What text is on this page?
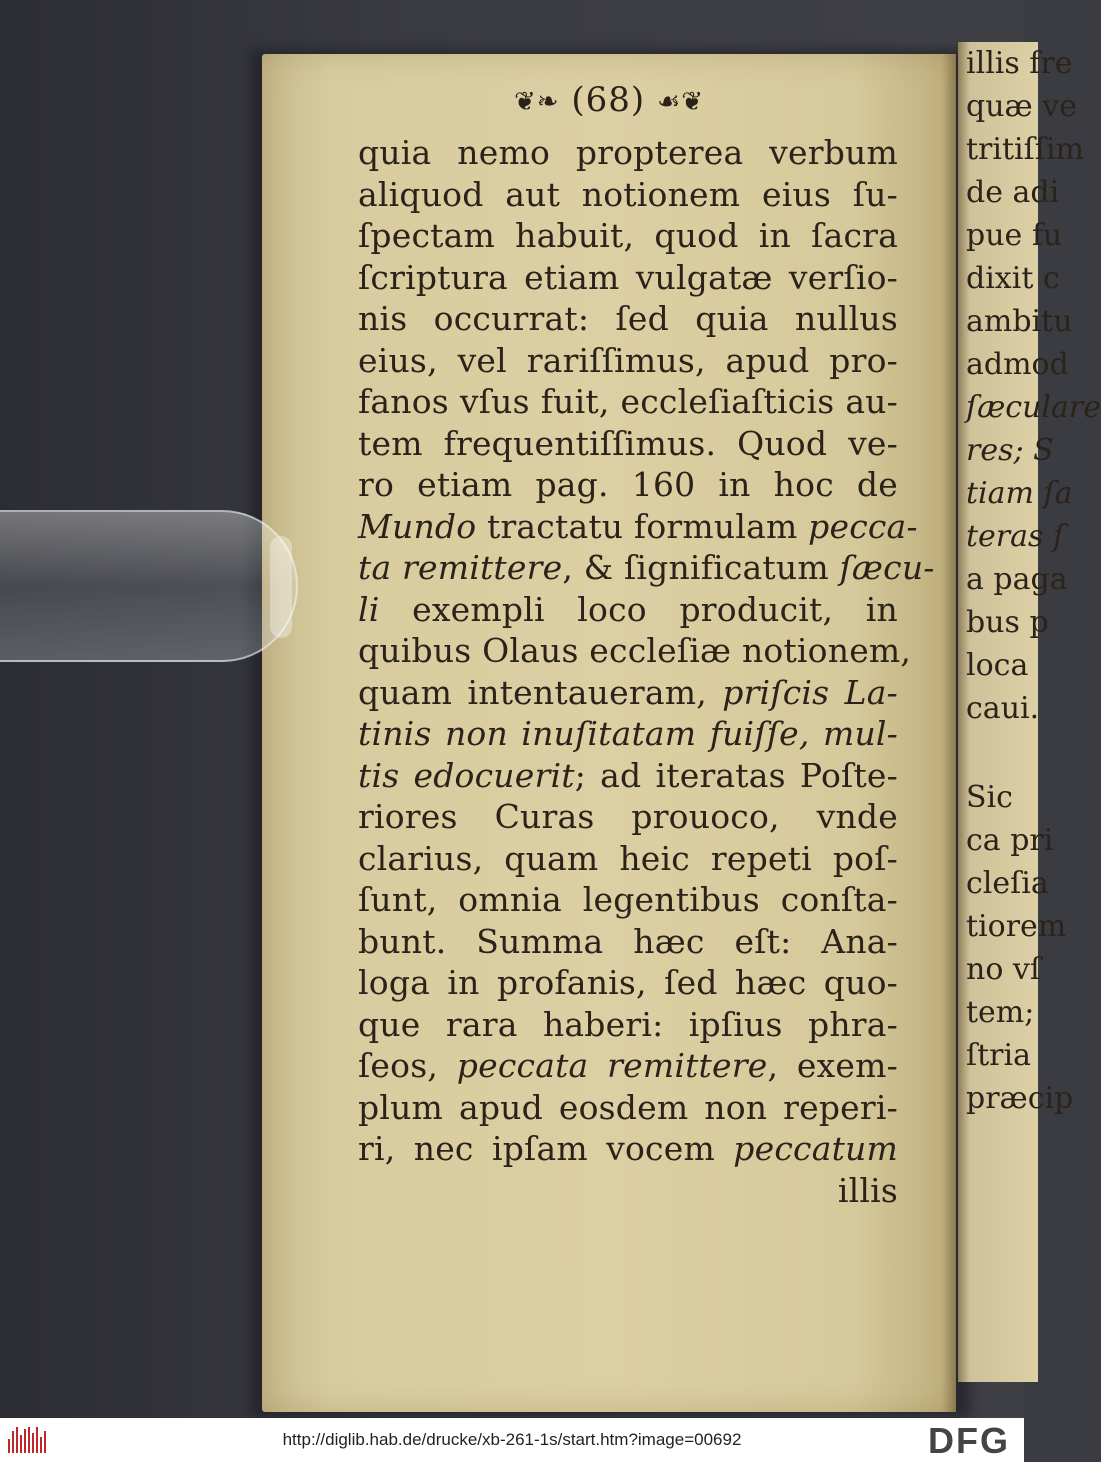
❦❧ (68) ☙❦
quia nemo propterea verbum
aliquod aut notionem eius ſu-
ſpectam habuit, quod in ſacra
ſcriptura etiam vulgatæ verſio-
nis occurrat: ſed quia nullus
eius, vel rariſſimus, apud pro-
fanos vſus fuit, eccleſiaſticis au-
tem frequentiſſimus. Quod ve-
ro etiam pag. 160 in hoc de
Mundo tractatu formulam pecca-
ta remittere, & ſignificatum ſæcu-
li exempli loco producit, in
quibus Olaus eccleſiæ notionem,
quam intentaueram, priſcis La-
tinis non inuſitatam fuiſſe, mul-
tis edocuerit; ad iteratas Poſte-
riores Curas prouoco, vnde
clarius, quam heic repeti poſ-
ſunt, omnia legentibus conſta-
bunt. Summa hæc eſt: Ana-
loga in profanis, ſed hæc quo-
que rara haberi: ipſius phra-
ſeos, peccata remittere, exem-
plum apud eosdem non reperi-
ri, nec ipſam vocem peccatum
illis
illis fre
quæ ve
tritiſſim
de adi
pue fu
dixit c
ambitu
admod
ſæculare
res; S
tiam ſa
teras ſ
a paga
bus p
loca
caui.
Sic
ca pri
cleſia
tiorem
no vſ
tem;
ſtria
præcip
http://diglib.hab.de/drucke/xb-261-1s/start.htm?image=00692	DFG
